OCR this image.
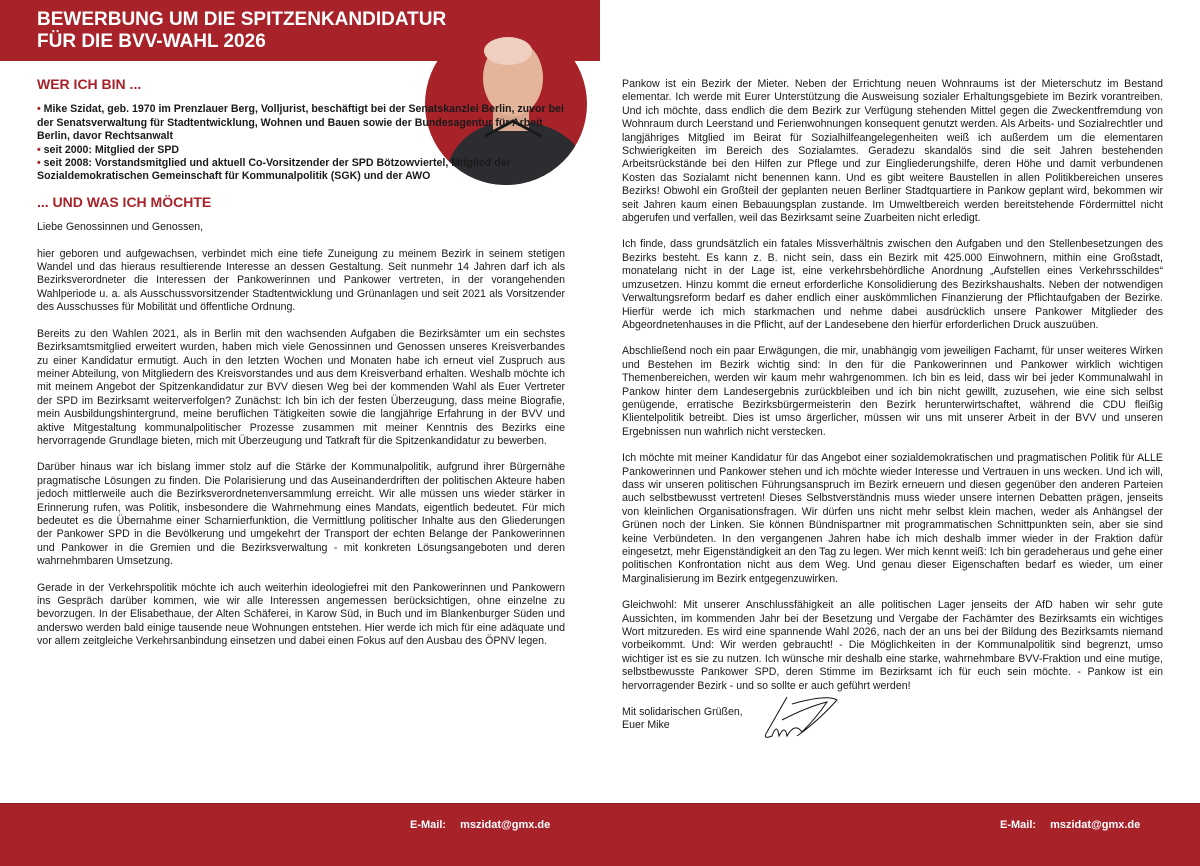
BEWERBUNG UM DIE SPITZENKANDIDATUR
FÜR DIE BVV-WAHL 2026
WER ICH BIN ...

• Mike Szidat, geb. 1970 im Prenzlauer Berg, Volljurist, beschäftigt bei der Senatskanzlei Berlin, zuvor bei der Senatsverwaltung für Stadtentwicklung, Wohnen und Bauen sowie der Bundesagentur für Arbeit Berlin, davor Rechtsanwalt

• seit 2000: Mitglied der SPD

• seit 2008: Vorstandsmitglied und aktuell Co-Vorsitzender der SPD Bötzowviertel, Mitglied der Sozialdemokratischen Gemeinschaft für Kommunalpolitik (SGK) und der AWO

... UND WAS ICH MÖCHTE

Liebe Genossinnen und Genossen,

hier geboren und aufgewachsen, verbindet mich eine tiefe Zuneigung zu meinem Bezirk in seinem stetigen Wandel und das hieraus resultierende Interesse an dessen Gestaltung. Seit nunmehr 14 Jahren darf ich als Bezirksverordneter die Interessen der Pankowerinnen und Pankower vertreten, in der vorangehenden Wahlperiode u. a. als Ausschussvorsitzender Stadtentwicklung und Grünanlagen und seit 2021 als Vorsitzender des Ausschusses für Mobilität und öffentliche Ordnung.

Bereits zu den Wahlen 2021, als in Berlin mit den wachsenden Aufgaben die Bezirksämter um ein sechstes Bezirksamtsmitglied erweitert wurden, haben mich viele Genossinnen und Genossen unseres Kreisverbandes zu einer Kandidatur ermutigt. Auch in den letzten Wochen und Monaten habe ich erneut viel Zuspruch aus meiner Abteilung, von Mitgliedern des Kreisvorstandes und aus dem Kreisverband erhalten. Weshalb möchte ich mit meinem Angebot der Spitzenkandidatur zur BVV diesen Weg bei der kommenden Wahl als Euer Vertreter der SPD im Bezirksamt weiterverfolgen? Zunächst: Ich bin ich der festen Überzeugung, dass meine Biografie, mein Ausbildungshintergrund, meine beruflichen Tätigkeiten sowie die langjährige Erfahrung in der BVV und aktive Mitgestaltung kommunalpolitischer Prozesse zusammen mit meiner Kenntnis des Bezirks eine hervorragende Grundlage bieten, mich mit Überzeugung und Tatkraft für die Spitzenkandidatur zu bewerben.

Darüber hinaus war ich bislang immer stolz auf die Stärke der Kommunalpolitik, aufgrund ihrer Bürgernähe pragmatische Lösungen zu finden. Die Polarisierung und das Auseinanderdriften der politischen Akteure haben jedoch mittlerweile auch die Bezirksverordnetenversammlung erreicht. Wir alle müssen uns wieder stärker in Erinnerung rufen, was Politik, insbesondere die Wahrnehmung eines Mandats, eigentlich bedeutet. Für mich bedeutet es die Übernahme einer Scharnierfunktion, die Vermittlung politischer Inhalte aus den Gliederungen der Pankower SPD in die Bevölkerung und umgekehrt der Transport der echten Belange der Pankowerinnen und Pankower in die Gremien und die Bezirksverwaltung - mit konkreten Lösungsangeboten und deren wahrnehmbaren Umsetzung.

Gerade in der Verkehrspolitik möchte ich auch weiterhin ideologiefrei mit den Pankowerinnen und Pankowern ins Gespräch darüber kommen, wie wir alle Interessen angemessen berücksichtigen, ohne einzelne zu bevorzugen. In der Elisabethaue, der Alten Schäferei, in Karow Süd, in Buch und im Blankenburger Süden und anderswo werden bald einige tausende neue Wohnungen entstehen. Hier werde ich mich für eine adäquate und vor allem zeitgleiche Verkehrsanbindung einsetzen und dabei einen Fokus auf den Ausbau des ÖPNV legen.

Pankow ist ein Bezirk der Mieter. Neben der Errichtung neuen Wohnraums ist der Mieterschutz im Bestand elementar. Ich werde mit Eurer Unterstützung die Ausweisung sozialer Erhaltungsgebiete im Bezirk vorantreiben. Und ich möchte, dass endlich die dem Bezirk zur Verfügung stehenden Mittel gegen die Zweckentfremdung von Wohnraum durch Leerstand und Ferienwohnungen konsequent genutzt werden. Als Arbeits- und Sozialrechtler und langjähriges Mitglied im Beirat für Sozialhilfeangelegenheiten weiß ich außerdem um die elementaren Schwierigkeiten im Bereich des Sozialamtes. Geradezu skandalös sind die seit Jahren bestehenden Arbeitsrückstände bei den Hilfen zur Pflege und zur Eingliederungshilfe, deren Höhe und damit verbundenen Kosten das Sozialamt nicht benennen kann. Und es gibt weitere Baustellen in allen Politikbereichen unseres Bezirks! Obwohl ein Großteil der geplanten neuen Berliner Stadtquartiere in Pankow geplant wird, bekommen wir seit Jahren kaum einen Bebauungsplan zustande. Im Umweltbereich werden bereitstehende Fördermittel nicht abgerufen und verfallen, weil das Bezirksamt seine Zuarbeiten nicht erledigt.

Ich finde, dass grundsätzlich ein fatales Missverhältnis zwischen den Aufgaben und den Stellenbesetzungen des Bezirks besteht. Es kann z. B. nicht sein, dass ein Bezirk mit 425.000 Einwohnern, mithin eine Großstadt, monatelang nicht in der Lage ist, eine verkehrsbehördliche Anordnung „Aufstellen eines Verkehrsschildes“ umzusetzen. Hinzu kommt die erneut erforderliche Konsolidierung des Bezirkshaushalts. Neben der notwendigen Verwaltungsreform bedarf es daher endlich einer auskömmlichen Finanzierung der Pflichtaufgaben der Bezirke. Hierfür werde ich mich starkmachen und nehme dabei ausdrücklich unsere Pankower Mitglieder des Abgeordnetenhauses in die Pflicht, auf der Landesebene den hierfür erforderlichen Druck auszuüben.

Abschließend noch ein paar Erwägungen, die mir, unabhängig vom jeweiligen Fachamt, für unser weiteres Wirken und Bestehen im Bezirk wichtig sind: In den für die Pankowerinnen und Pankower wirklich wichtigen Themenbereichen, werden wir kaum mehr wahrgenommen. Ich bin es leid, dass wir bei jeder Kommunalwahl in Pankow hinter dem Landesergebnis zurückbleiben und ich bin nicht gewillt, zuzusehen, wie eine sich selbst genügende, erratische Bezirksbürgermeisterin den Bezirk herunterwirtschaftet, während die CDU fleißig Klientelpolitik betreibt. Dies ist umso ärgerlicher, müssen wir uns mit unserer Arbeit in der BVV und unseren Ergebnissen nun wahrlich nicht verstecken.

Ich möchte mit meiner Kandidatur für das Angebot einer sozialdemokratischen und pragmatischen Politik für ALLE Pankowerinnen und Pankower stehen und ich möchte wieder Interesse und Vertrauen in uns wecken. Und ich will, dass wir unseren politischen Führungsanspruch im Bezirk erneuern und diesen gegenüber den anderen Parteien auch selbstbewusst vertreten! Dieses Selbstverständnis muss wieder unsere internen Debatten prägen, jenseits von kleinlichen Organisationsfragen. Wir dürfen uns nicht mehr selbst klein machen, weder als Anhängsel der Grünen noch der Linken. Sie können Bündnispartner mit programmatischen Schnittpunkten sein, aber sie sind keine Verbündeten. In den vergangenen Jahren habe ich mich deshalb immer wieder in der Fraktion dafür eingesetzt, mehr Eigenständigkeit an den Tag zu legen. Wer mich kennt weiß: Ich bin geradeheraus und gehe einer politischen Konfrontation nicht aus dem Weg. Und genau dieser Eigenschaften bedarf es wieder, um einer Marginalisierung im Bezirk entgegenzuwirken.

Gleichwohl: Mit unserer Anschlussfähigkeit an alle politischen Lager jenseits der AfD haben wir sehr gute Aussichten, im kommenden Jahr bei der Besetzung und Vergabe der Fachämter des Bezirksamts ein wichtiges Wort mitzureden. Es wird eine spannende Wahl 2026, nach der an uns bei der Bildung des Bezirksamts niemand vorbeikommt. Und: Wir werden gebraucht! - Die Möglichkeiten in der Kommunalpolitik sind begrenzt, umso wichtiger ist es sie zu nutzen. Ich wünsche mir deshalb eine starke, wahrnehmbare BVV-Fraktion und eine mutige, selbstbewusste Pankower SPD, deren Stimme im Bezirksamt ich für euch sein möchte. - Pankow ist ein hervorragender Bezirk - und so sollte er auch geführt werden!

Mit solidarischen Grüßen,
Euer Mike
E-Mail: mszidat@gmx.de	E-Mail: mszidat@gmx.de
